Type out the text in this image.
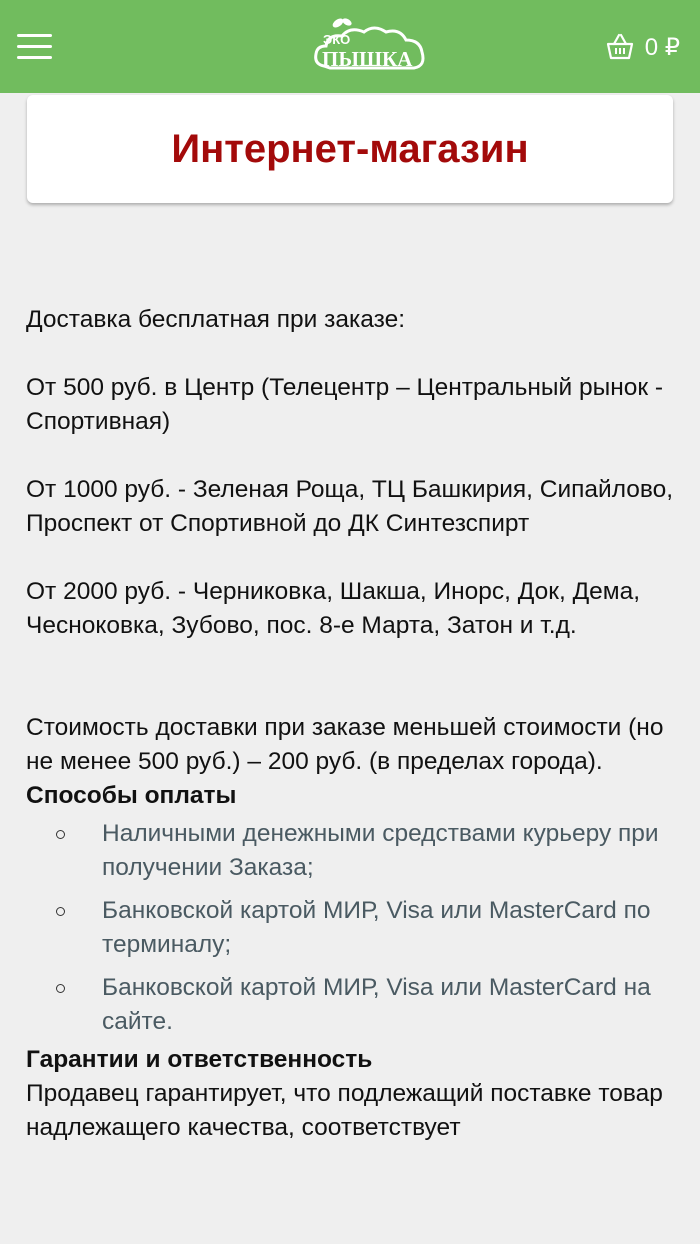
ЭКО
ПЫШКА	0 ₽
Интернет-магазин

Доставка бесплатная при заказе:

От 500 руб. в Центр (Телецентр – Центральный рынок - Спортивная)

От 1000 руб. - Зеленая Роща, ТЦ Башкирия, Сипайлово, Проспект от Спортивной до ДК Синтезспирт

От 2000 руб. - Черниковка, Шакша, Инорс, Док, Дема, Чесноковка, Зубово, пос. 8-е Марта, Затон и т.д.

Стоимость доставки при заказе меньшей стоимости (но не менее 500 руб.) – 200 руб. (в пределах города).

Способы оплаты

Наличными денежными средствами курьеру при получении Заказа;
Банковской картой МИР, Visa или MasterCard по терминалу;
Банковской картой МИР, Visa или MasterCard на сайте.

Гарантии и ответственность

Продавец гарантирует, что подлежащий поставке товар надлежащего качества, соответствует
